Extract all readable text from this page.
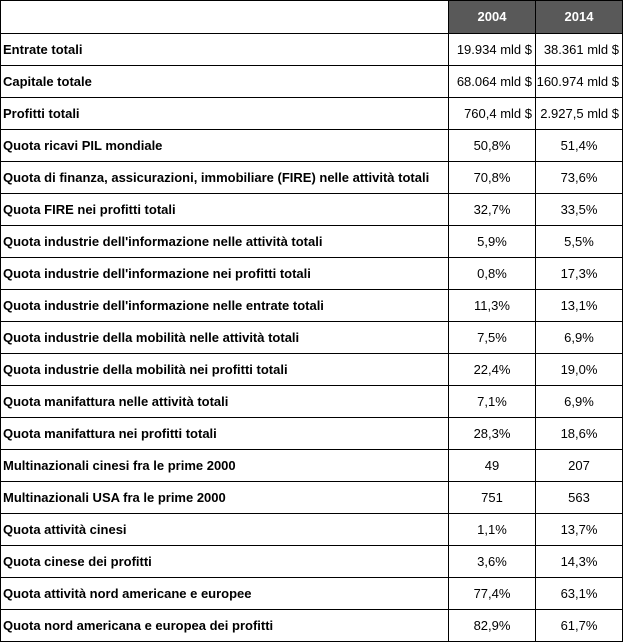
	2004	2014
Entrate totali	19.934 mld $	38.361 mld $
Capitale totale	68.064 mld $	160.974 mld $
Profitti totali	760,4 mld $	2.927,5 mld $
Quota ricavi PIL mondiale	50,8%	51,4%
Quota di finanza, assicurazioni, immobiliare (FIRE) nelle attività totali	70,8%	73,6%
Quota FIRE nei profitti totali	32,7%	33,5%
Quota industrie dell'informazione nelle attività totali	5,9%	5,5%
Quota industrie dell'informazione nei profitti totali	0,8%	17,3%
Quota industrie dell'informazione nelle entrate totali	11,3%	13,1%
Quota industrie della mobilità nelle attività totali	7,5%	6,9%
Quota industrie della mobilità nei profitti totali	22,4%	19,0%
Quota manifattura nelle attività totali	7,1%	6,9%
Quota manifattura nei profitti totali	28,3%	18,6%
Multinazionali cinesi fra le prime 2000	49	207
Multinazionali USA fra le prime 2000	751	563
Quota attività cinesi	1,1%	13,7%
Quota cinese dei profitti	3,6%	14,3%
Quota attività nord americane e europee	77,4%	63,1%
Quota nord americana e europea dei profitti	82,9%	61,7%
